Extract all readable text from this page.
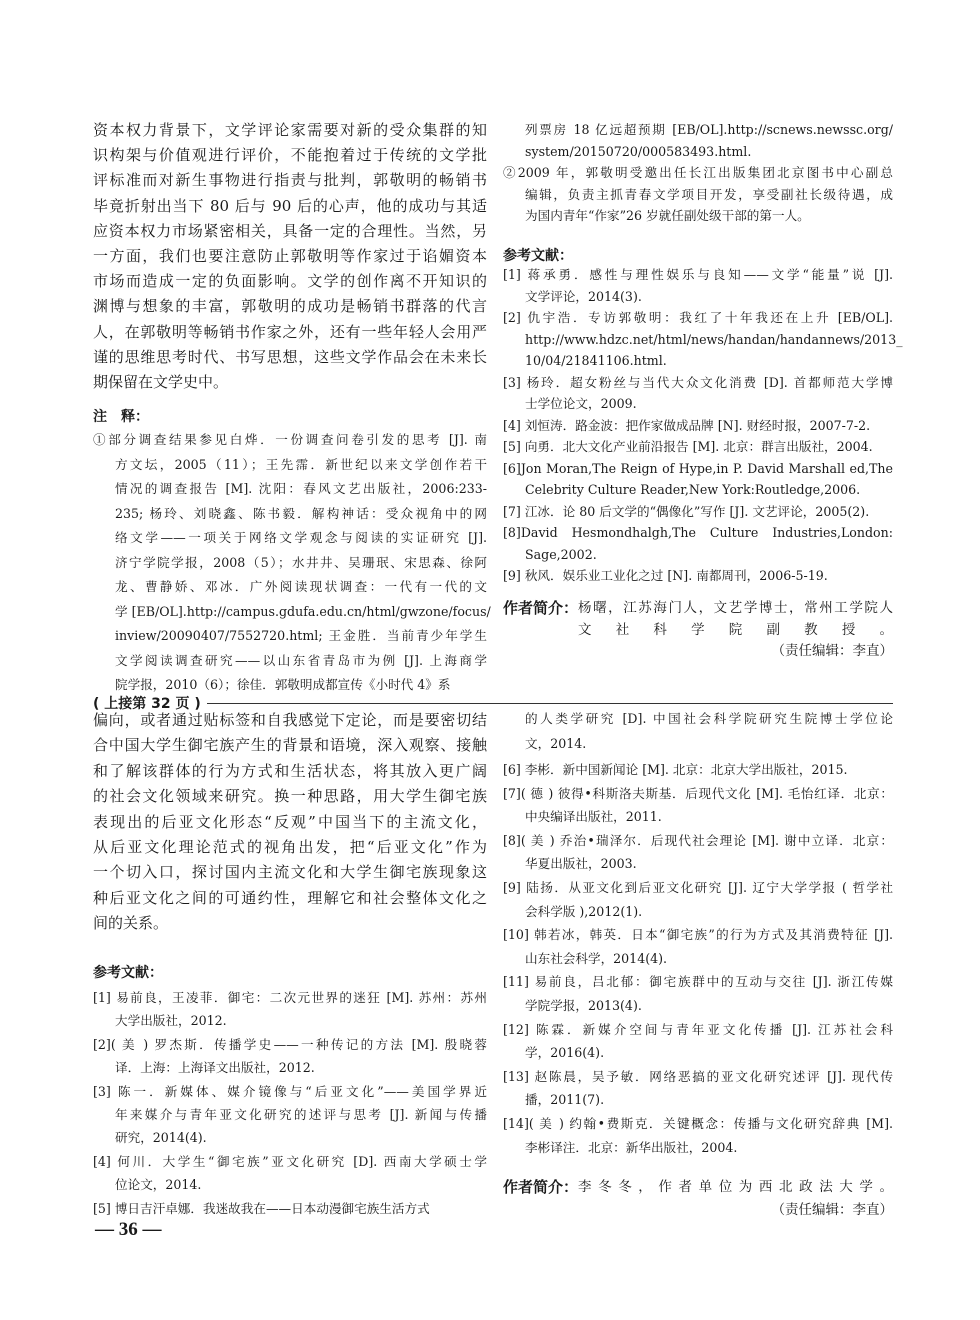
资本权力背景下，文学评论家需要对新的受众集群的知
识构架与价值观进行评价，不能抱着过于传统的文学批
评标准而对新生事物进行指责与批判，郭敬明的畅销书
毕竟折射出当下 80 后与 90 后的心声，他的成功与其适
应资本权力市场紧密相关，具备一定的合理性。当然，另
一方面，我们也要注意防止郭敬明等作家过于谄媚资本
市场而造成一定的负面影响。文学的创作离不开知识的
渊博与想象的丰富，郭敬明的成功是畅销书群落的代言
人，在郭敬明等畅销书作家之外，还有一些年轻人会用严
谨的思维思考时代、书写思想，这些文学作品会在未来长
期保留在文学史中。
注　释：
①部分调查结果参见白烨．一份调查问卷引发的思考 [J]. 南
方文坛，2005（11）；王先霈．新世纪以来文学创作若干
情况的调查报告 [M]. 沈阳：春风文艺出版社，2006:233-
235; 杨玲、刘晓鑫、陈书毅．解构神话：受众视角中的网
络文学——一项关于网络文学观念与阅读的实证研究 [J].
济宁学院学报，2008（5）；水井井、吴珊珉、宋思森、徐阿
龙、曹静娇、邓冰．广外阅读现状调查：一代有一代的文
学 [EB/OL].http://campus.gdufa.edu.cn/html/gwzone/focus/
inview/20090407/7552720.html; 王金胜．当前青少年学生
文学阅读调查研究——以山东省青岛市为例 [J]. 上海商学
院学报，2010（6）；徐佳．郭敬明成都宣传《小时代 4》系
列票房 18 亿远超预期 [EB/OL].http://scnews.newssc.org/
system/20150720/000583493.html.
②2009 年，郭敬明受邀出任长江出版集团北京图书中心副总
编辑，负责主抓青春文学项目开发，享受副社长级待遇，成
为国内青年“作家”26 岁就任副处级干部的第一人。
参考文献：
[1] 蒋承勇．感性与理性娱乐与良知——文学“能量”说 [J].
文学评论，2014(3).
[2] 仇宇浩．专访郭敬明：我红了十年我还在上升 [EB/OL].
http://www.hdzc.net/html/news/handan/handannews/2013_
10/04/21841106.html.
[3] 杨玲．超女粉丝与当代大众文化消费 [D]. 首都师范大学博
士学位论文，2009.
[4] 刘恒涛．路金波：把作家做成品牌 [N]. 财经时报，2007-7-2.
[5] 向勇．北大文化产业前沿报告 [M]. 北京：群言出版社，2004.
[6]Jon Moran,The Reign of Hype,in P. David Marshall ed,The
Celebrity Culture Reader,New York:Routledge,2006.
[7] 江冰．论 80 后文学的“偶像化”写作 [J]. 文艺评论，2005(2).
[8]David Hesmondhalgh,The Culture Industries,London:
Sage,2002.
[9] 秋风．娱乐业工业化之过 [N]. 南都周刊，2006-5-19.
作者简介： 杨曙，江苏海门人，文艺学博士，常州工学院人
文社科学院副教授。
（责任编辑：李直）
( 上接第 32 页 )
偏向，或者通过贴标签和自我感觉下定论，而是要密切结
合中国大学生御宅族产生的背景和语境，深入观察、接触
和了解该群体的行为方式和生活状态，将其放入更广阔
的社会文化领域来研究。换一种思路，用大学生御宅族
表现出的后亚文化形态“反观”中国当下的主流文化，
从后亚文化理论范式的视角出发，把“后亚文化”作为
一个切入口，探讨国内主流文化和大学生御宅族现象这
种后亚文化之间的可通约性，理解它和社会整体文化之
间的关系。
参考文献：
[1] 易前良，王凌菲．御宅：二次元世界的迷狂 [M]. 苏州：苏州
大学出版社，2012.
[2]( 美 ) 罗杰斯．传播学史——一种传记的方法 [M]. 殷晓蓉
译．上海：上海译文出版社，2012.
[3] 陈一．新媒体、媒介镜像与“后亚文化”——美国学界近
年来媒介与青年亚文化研究的述评与思考 [J]. 新闻与传播
研究，2014(4).
[4] 何川．大学生“御宅族”亚文化研究 [D]. 西南大学硕士学
位论文，2014.
[5] 博日吉汗卓娜．我迷故我在——日本动漫御宅族生活方式
— 36 —
的人类学研究 [D]. 中国社会科学院研究生院博士学位论
文，2014.
[6] 李彬．新中国新闻论 [M]. 北京：北京大学出版社，2015.
[7]( 德 ) 彼得•科斯洛夫斯基．后现代文化 [M]. 毛怡红译．北京：
中央编译出版社，2011.
[8]( 美 ) 乔治•瑞泽尔．后现代社会理论 [M]. 谢中立译．北京：
华夏出版社，2003.
[9] 陆扬．从亚文化到后亚文化研究 [J]. 辽宁大学学报 ( 哲学社
会科学版 ),2012(1).
[10] 韩若冰，韩英．日本“御宅族”的行为方式及其消费特征 [J].
山东社会科学，2014(4).
[11] 易前良，吕北郁：御宅族群中的互动与交往 [J]. 浙江传媒
学院学报，2013(4).
[12] 陈霖．新媒介空间与青年亚文化传播 [J]. 江苏社会科
学，2016(4).
[13] 赵陈晨，吴予敏．网络恶搞的亚文化研究述评 [J]. 现代传
播，2011(7).
[14]( 美 ) 约翰•费斯克．关键概念：传播与文化研究辞典 [M].
李彬译注．北京：新华出版社，2004.
作者简介： 李冬冬，作者单位为西北政法大学。
（责任编辑：李直）
